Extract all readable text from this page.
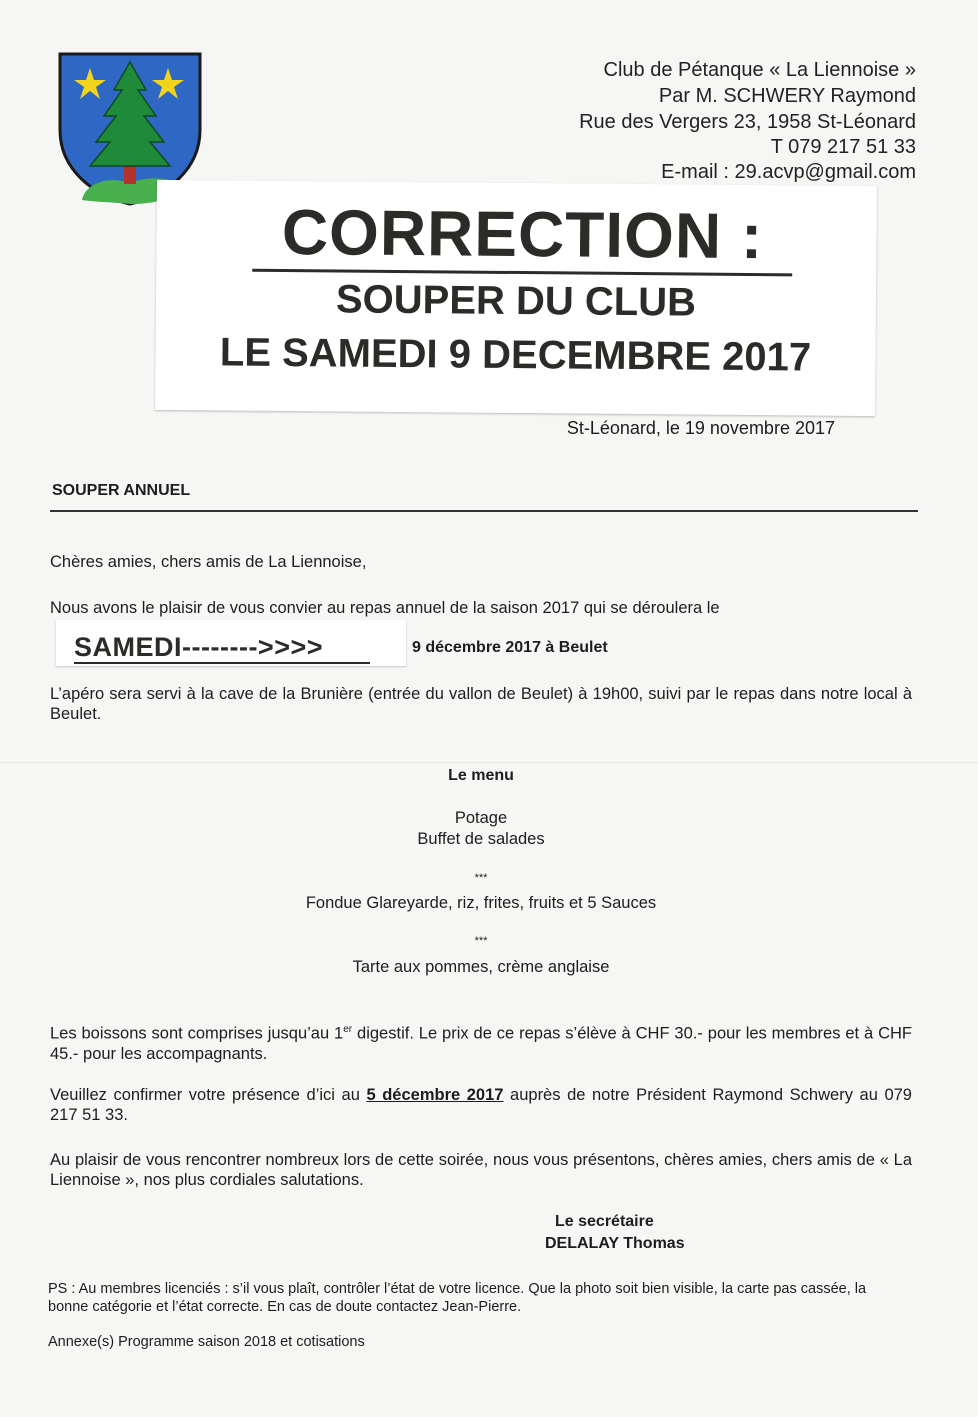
Club de Pétanque « La Liennoise »
Par M. SCHWERY Raymond
Rue des Vergers 23, 1958 St-Léonard
T 079 217 51 33
E-mail : 29.acvp@gmail.com
CORRECTION :
SOUPER DU CLUB
LE SAMEDI 9 DECEMBRE 2017
St-Léonard, le 19 novembre 2017
SOUPER ANNUEL
Chères amies, chers amis de La Liennoise,
Nous avons le plaisir de vous convier au repas annuel de la saison 2017 qui se déroulera le
SAMEDI-------->>>>	9 décembre 2017 à Beulet
L’apéro sera servi à la cave de la Brunière (entrée du vallon de Beulet) à 19h00, suivi par le repas dans notre local à Beulet.
Le menu
Potage
Buffet de salades
***
Fondue Glareyarde, riz, frites, fruits et 5 Sauces
***
Tarte aux pommes, crème anglaise
Les boissons sont comprises jusqu’au 1er digestif. Le prix de ce repas s’élève à CHF 30.- pour les membres et à CHF 45.- pour les accompagnants.
Veuillez confirmer votre présence d’ici au 5 décembre 2017 auprès de notre Président Raymond Schwery au 079 217 51 33.
Au plaisir de vous rencontrer nombreux lors de cette soirée, nous vous présentons, chères amies, chers amis de « La Liennoise », nos plus cordiales salutations.
Le secrétaire
DELALAY Thomas
PS : Au membres licenciés : s’il vous plaît, contrôler l’état de votre licence. Que la photo soit bien visible, la carte pas cassée, la bonne catégorie et l’état correcte. En cas de doute contactez Jean-Pierre.
Annexe(s) Programme saison 2018 et cotisations
